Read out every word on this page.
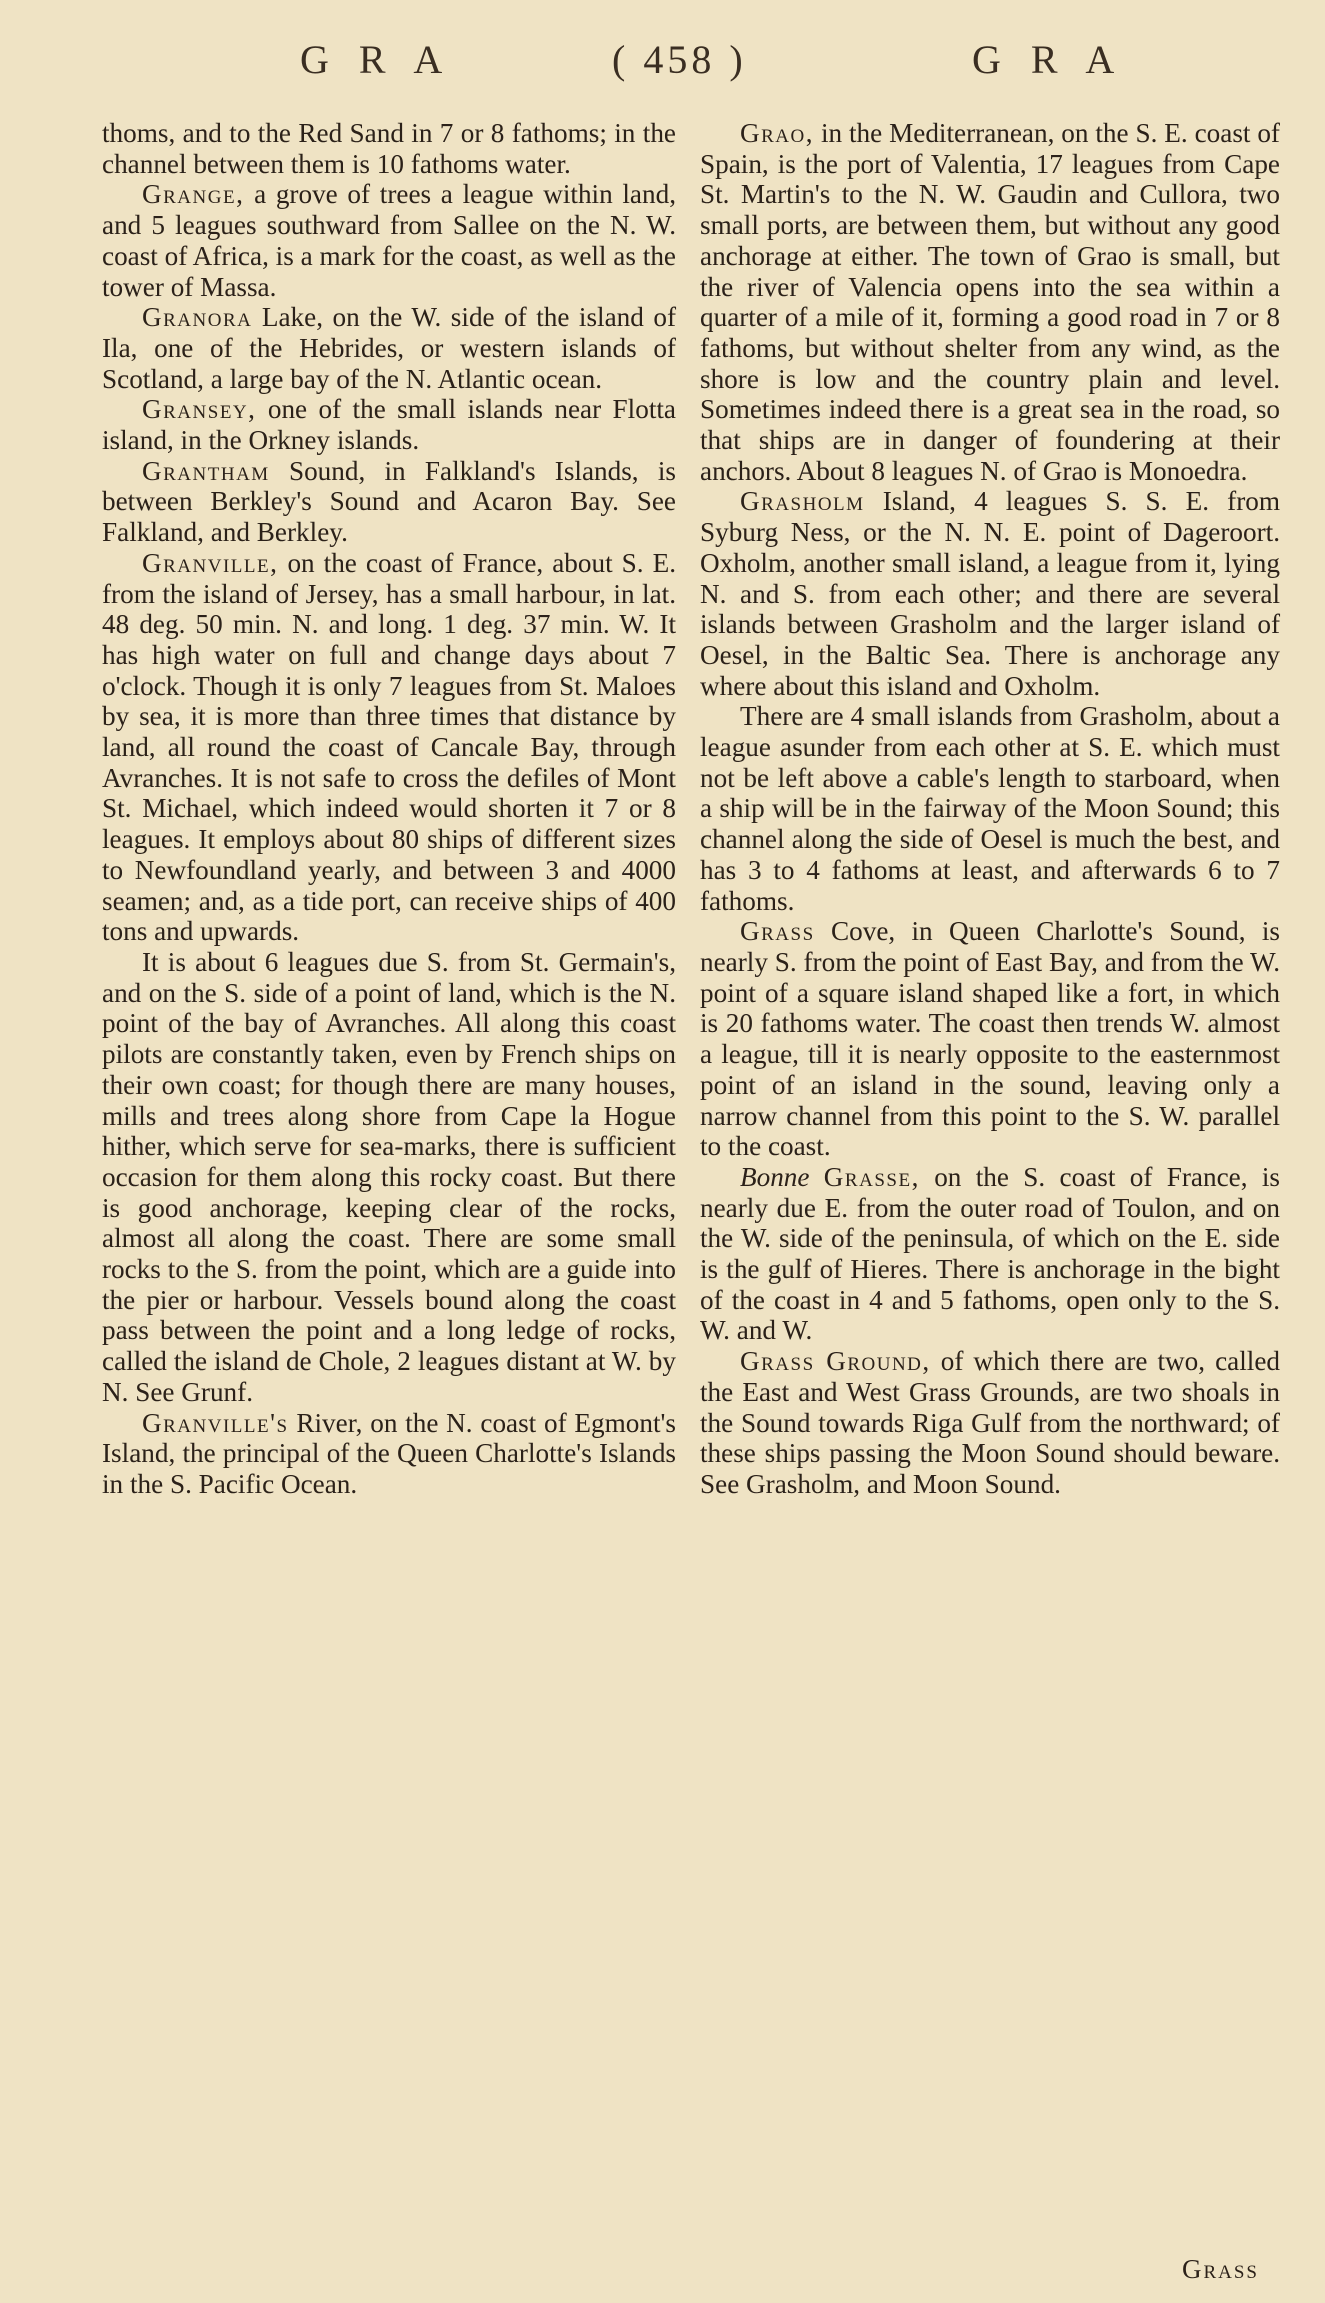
G R A	( 458 )	G R A

thoms, and to the Red Sand in 7 or 8 fathoms; in the channel between them is 10 fathoms water.

Grange, a grove of trees a league within land, and 5 leagues southward from Sallee on the N. W. coast of Africa, is a mark for the coast, as well as the tower of Massa.

Granora Lake, on the W. side of the island of Ila, one of the Hebrides, or western islands of Scotland, a large bay of the N. Atlantic ocean.

Gransey, one of the small islands near Flotta island, in the Orkney islands.

Grantham Sound, in Falkland's Islands, is between Berkley's Sound and Acaron Bay. See Falkland, and Berkley.

Granville, on the coast of France, about S. E. from the island of Jersey, has a small harbour, in lat. 48 deg. 50 min. N. and long. 1 deg. 37 min. W. It has high water on full and change days about 7 o'clock. Though it is only 7 leagues from St. Maloes by sea, it is more than three times that distance by land, all round the coast of Cancale Bay, through Avranches. It is not safe to cross the defiles of Mont St. Michael, which indeed would shorten it 7 or 8 leagues. It employs about 80 ships of different sizes to Newfoundland yearly, and between 3 and 4000 seamen; and, as a tide port, can receive ships of 400 tons and upwards.

It is about 6 leagues due S. from St. Germain's, and on the S. side of a point of land, which is the N. point of the bay of Avranches. All along this coast pilots are constantly taken, even by French ships on their own coast; for though there are many houses, mills and trees along shore from Cape la Hogue hither, which serve for sea-marks, there is sufficient occasion for them along this rocky coast. But there is good anchorage, keeping clear of the rocks, almost all along the coast. There are some small rocks to the S. from the point, which are a guide into the pier or harbour. Vessels bound along the coast pass between the point and a long ledge of rocks, called the island de Chole, 2 leagues distant at W. by N. See Grunf.

Granville's River, on the N. coast of Egmont's Island, the principal of the Queen Charlotte's Islands in the S. Pacific Ocean.

Grao, in the Mediterranean, on the S. E. coast of Spain, is the port of Valentia, 17 leagues from Cape St. Martin's to the N. W. Gaudin and Cullora, two small ports, are between them, but without any good anchorage at either. The town of Grao is small, but the river of Valencia opens into the sea within a quarter of a mile of it, forming a good road in 7 or 8 fathoms, but without shelter from any wind, as the shore is low and the country plain and level. Sometimes indeed there is a great sea in the road, so that ships are in danger of foundering at their anchors. About 8 leagues N. of Grao is Monoedra.

Grasholm Island, 4 leagues S. S. E. from Syburg Ness, or the N. N. E. point of Dageroort. Oxholm, another small island, a league from it, lying N. and S. from each other; and there are several islands between Grasholm and the larger island of Oesel, in the Baltic Sea. There is anchorage any where about this island and Oxholm.

There are 4 small islands from Grasholm, about a league asunder from each other at S. E. which must not be left above a cable's length to starboard, when a ship will be in the fairway of the Moon Sound; this channel along the side of Oesel is much the best, and has 3 to 4 fathoms at least, and afterwards 6 to 7 fathoms.

Grass Cove, in Queen Charlotte's Sound, is nearly S. from the point of East Bay, and from the W. point of a square island shaped like a fort, in which is 20 fathoms water. The coast then trends W. almost a league, till it is nearly opposite to the easternmost point of an island in the sound, leaving only a narrow channel from this point to the S. W. parallel to the coast.

Bonne Grasse, on the S. coast of France, is nearly due E. from the outer road of Toulon, and on the W. side of the peninsula, of which on the E. side is the gulf of Hieres. There is anchorage in the bight of the coast in 4 and 5 fathoms, open only to the S. W. and W.

Grass Ground, of which there are two, called the East and West Grass Grounds, are two shoals in the Sound towards Riga Gulf from the northward; of these ships passing the Moon Sound should beware. See Grasholm, and Moon Sound.

Grass
